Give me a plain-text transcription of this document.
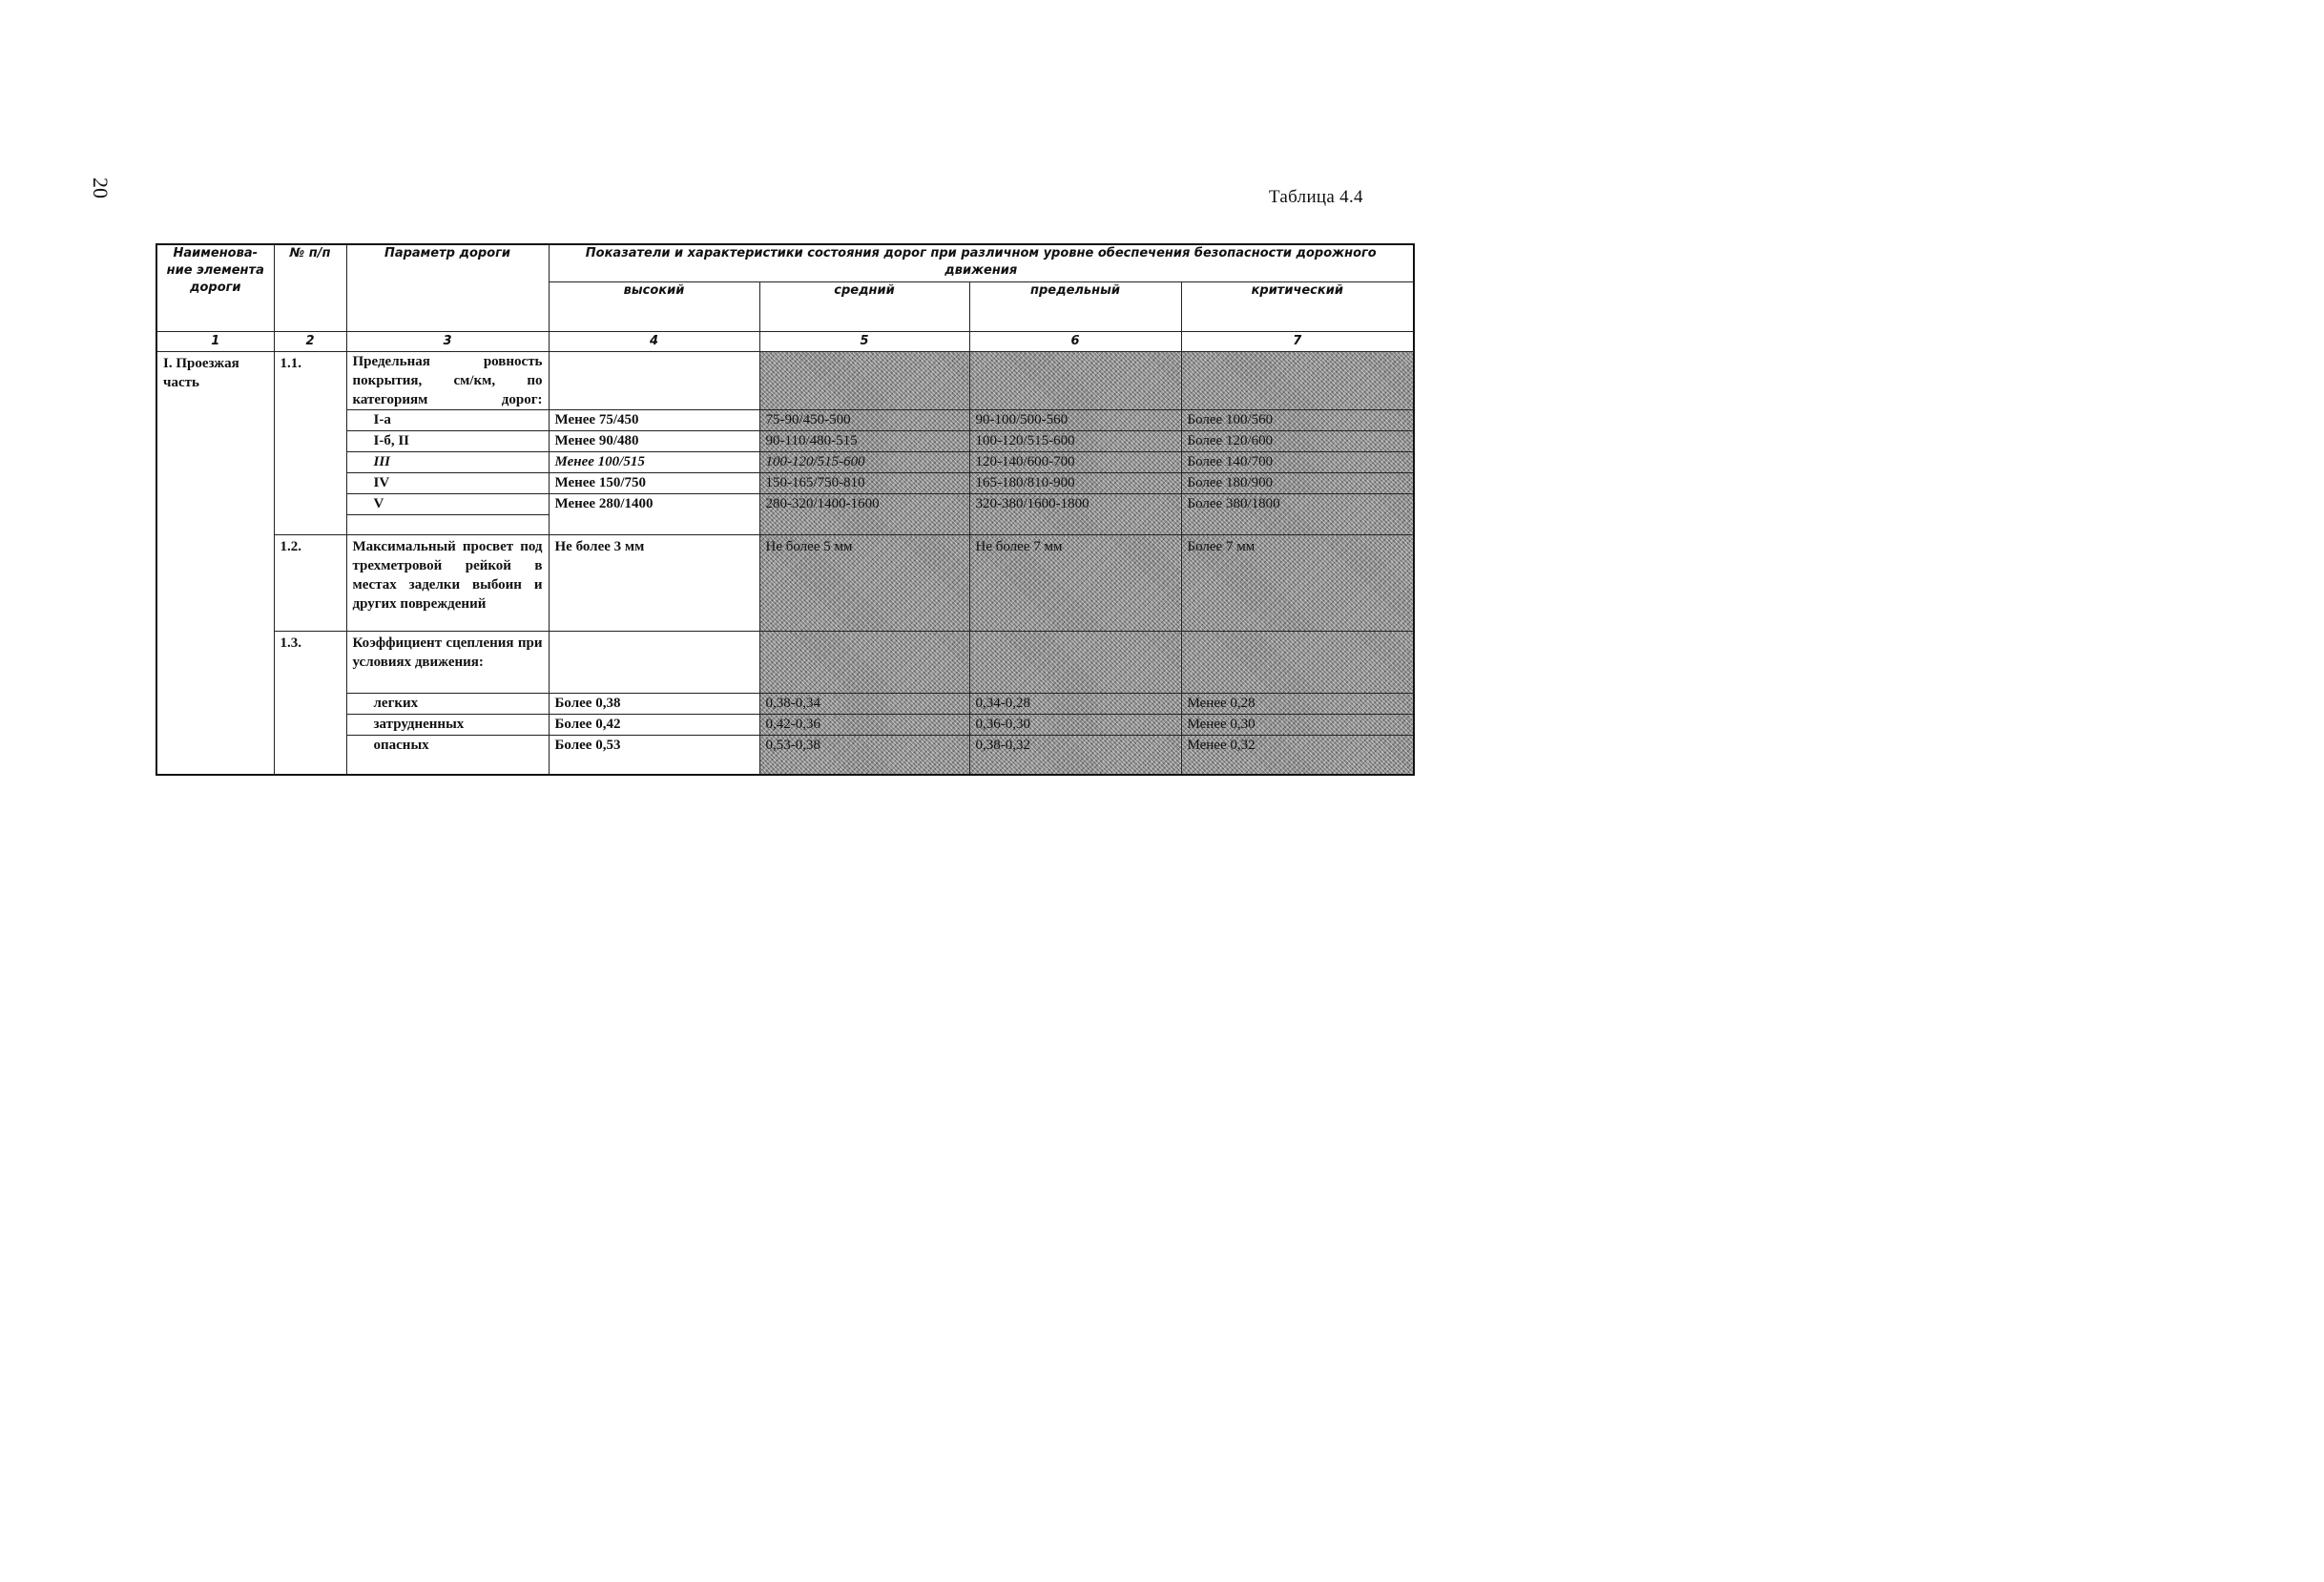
20	Таблица 4.4
Наименова-ние элемента дороги	№ п/п	Параметр дороги	Показатели и характеристики состояния дорог при различном уровне обеспечения безопасности дорожного движения			
			высокий	средний	предельный	критический
1	2	3	4	5	6	7
I. Проезжая часть	1.1.	Предельная ровность покрытия, см/км, по категориям дорог:				
		I-а	Менее 75/450	75-90/450-500	90-100/500-560	Более 100/560
		I-б, II	Менее 90/480	90-110/480-515	100-120/515-600	Более 120/600
		III	Менее 100/515	100-120/515-600	120-140/600-700	Более 140/700
		IV	Менее 150/750	150-165/750-810	165-180/810-900	Более 180/900
		V	Менее 280/1400	280-320/1400-1600	320-380/1600-1800	Более 380/1800

	1.2.	Максимальный просвет под трехметровой рейкой в местах заделки выбоин и других повреждений	Не более 3 мм	Не более 5 мм	Не более 7 мм	Более 7 мм
	1.3.	Коэффициент сцепления при условиях движения:				
		легких	Более 0,38	0,38-0,34	0,34-0,28	Менее 0,28
		затрудненных	Более 0,42	0,42-0,36	0,36-0,30	Менее 0,30
		опасных	Более 0,53	0,53-0,38	0,38-0,32	Менее 0,32
